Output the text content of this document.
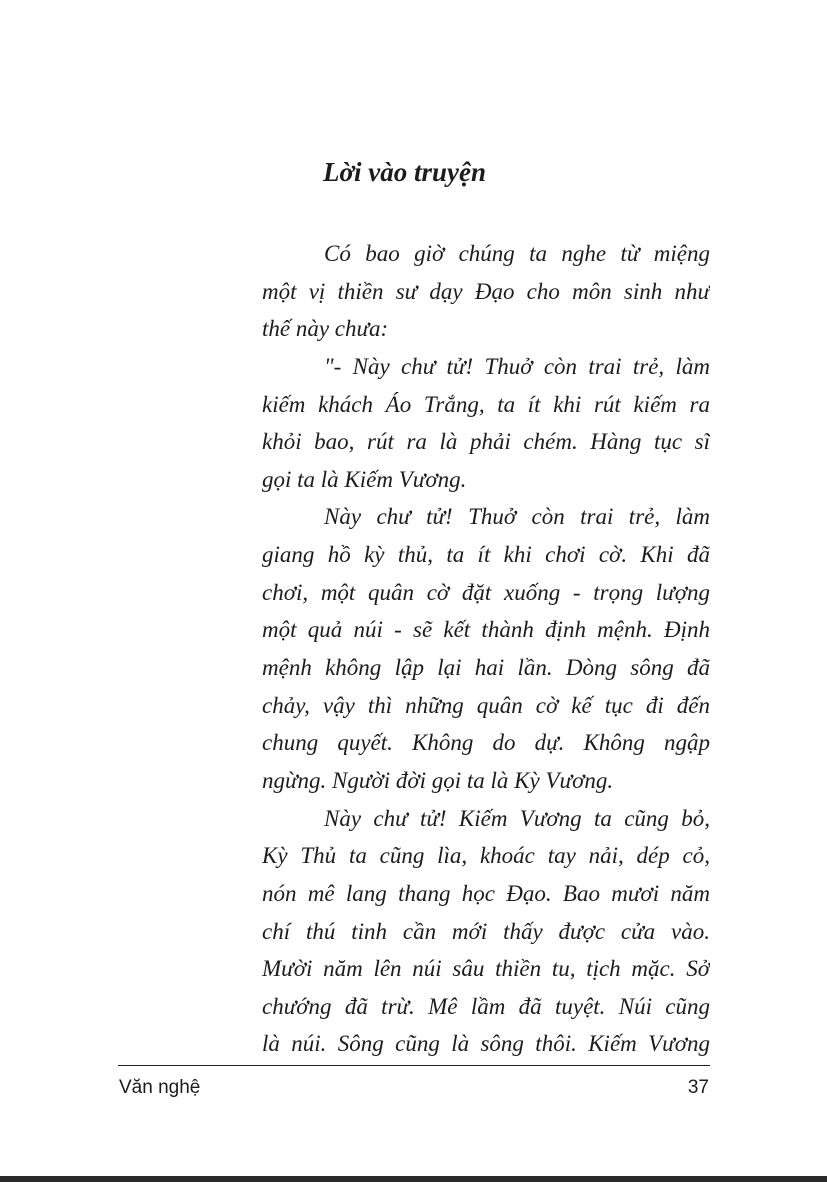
Lời vào truyện
Có bao giờ chúng ta nghe từ miệng
một vị thiền sư dạy Đạo cho môn sinh như
thế này chưa:
"- Này chư tử! Thuở còn trai trẻ, làm
kiếm khách Áo Trắng, ta ít khi rút kiếm ra
khỏi bao, rút ra là phải chém. Hàng tục sĩ
gọi ta là Kiếm Vương.
Này chư tử! Thuở còn trai trẻ, làm
giang hồ kỳ thủ, ta ít khi chơi cờ. Khi đã
chơi, một quân cờ đặt xuống - trọng lượng
một quả núi - sẽ kết thành định mệnh. Định
mệnh không lập lại hai lần. Dòng sông đã
chảy, vậy thì những quân cờ kế tục đi đến
chung quyết. Không do dự. Không ngập
ngừng. Người đời gọi ta là Kỳ Vương.
Này chư tử! Kiếm Vương ta cũng bỏ,
Kỳ Thủ ta cũng lìa, khoác tay nải, dép cỏ,
nón mê lang thang học Đạo. Bao mươi năm
chí thú tinh cần mới thấy được cửa vào.
Mười năm lên núi sâu thiền tu, tịch mặc. Sở
chướng đã trừ. Mê lầm đã tuyệt. Núi cũng
là núi. Sông cũng là sông thôi. Kiếm Vương
Văn nghệ	37
